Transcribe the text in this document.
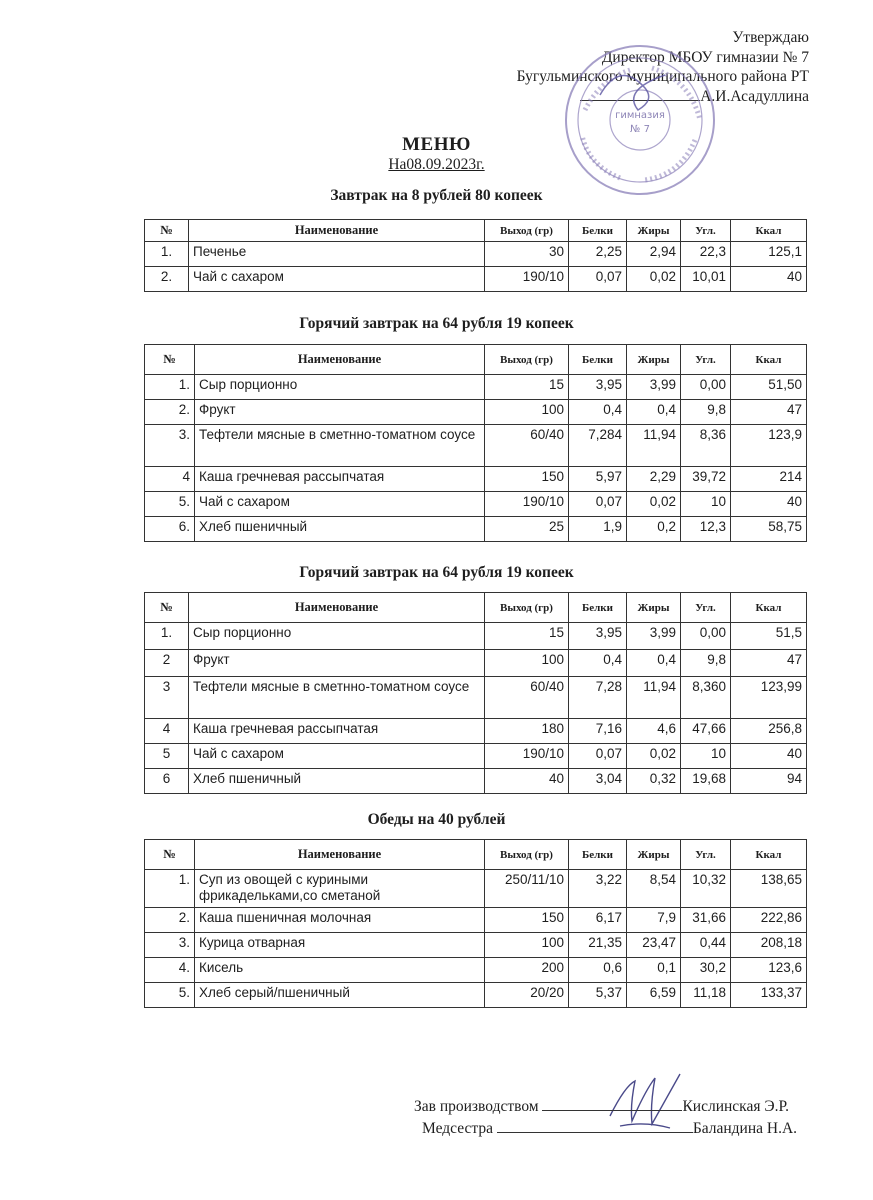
Утверждаю
Директор МБОУ гимназии № 7
Бугульминского муниципального района РТ
А.И.Асадуллина
гимназия
№ 7
МЕНЮ
На08.09.2023г.
Завтрак на 8 рублей 80 копеек
№	Наименование	Выход (гр)	Белки	Жиры	Угл.	Ккал
1.	Печенье	30	2,25	2,94	22,3	125,1
2.	Чай с сахаром	190/10	0,07	0,02	10,01	40
Горячий завтрак на 64 рубля 19 копеек
№	Наименование	Выход (гр)	Белки	Жиры	Угл.	Ккал
1.	Сыр порционно	15	3,95	3,99	0,00	51,50
2.	Фрукт	100	0,4	0,4	9,8	47
3.	Тефтели мясные в сметнно-томатном соусе	60/40	7,284	11,94	8,36	123,9
4	Каша гречневая рассыпчатая	150	5,97	2,29	39,72	214
5.	Чай с сахаром	190/10	0,07	0,02	10	40
6.	Хлеб пшеничный	25	1,9	0,2	12,3	58,75
Горячий завтрак на 64 рубля 19 копеек
№	Наименование	Выход (гр)	Белки	Жиры	Угл.	Ккал
1.	Сыр порционно	15	3,95	3,99	0,00	51,5
2	Фрукт	100	0,4	0,4	9,8	47
3	Тефтели мясные в сметнно-томатном соусе	60/40	7,28	11,94	8,360	123,99
4	Каша гречневая рассыпчатая	180	7,16	4,6	47,66	256,8
5	Чай с сахаром	190/10	0,07	0,02	10	40
6	Хлеб пшеничный	40	3,04	0,32	19,68	94
Обеды на 40 рублей
№	Наименование	Выход (гр)	Белки	Жиры	Угл.	Ккал
1.	Суп из овощей с куриными фрикадельками,со сметаной	250/11/10	3,22	8,54	10,32	138,65
2.	Каша пшеничная молочная	150	6,17	7,9	31,66	222,86
3.	Курица отварная	100	21,35	23,47	0,44	208,18
4.	Кисель	200	0,6	0,1	30,2	123,6
5.	Хлеб серый/пшеничный	20/20	5,37	6,59	11,18	133,37
Зав производством	Кислинская Э.Р.
Медсестра	Баландина Н.А.
